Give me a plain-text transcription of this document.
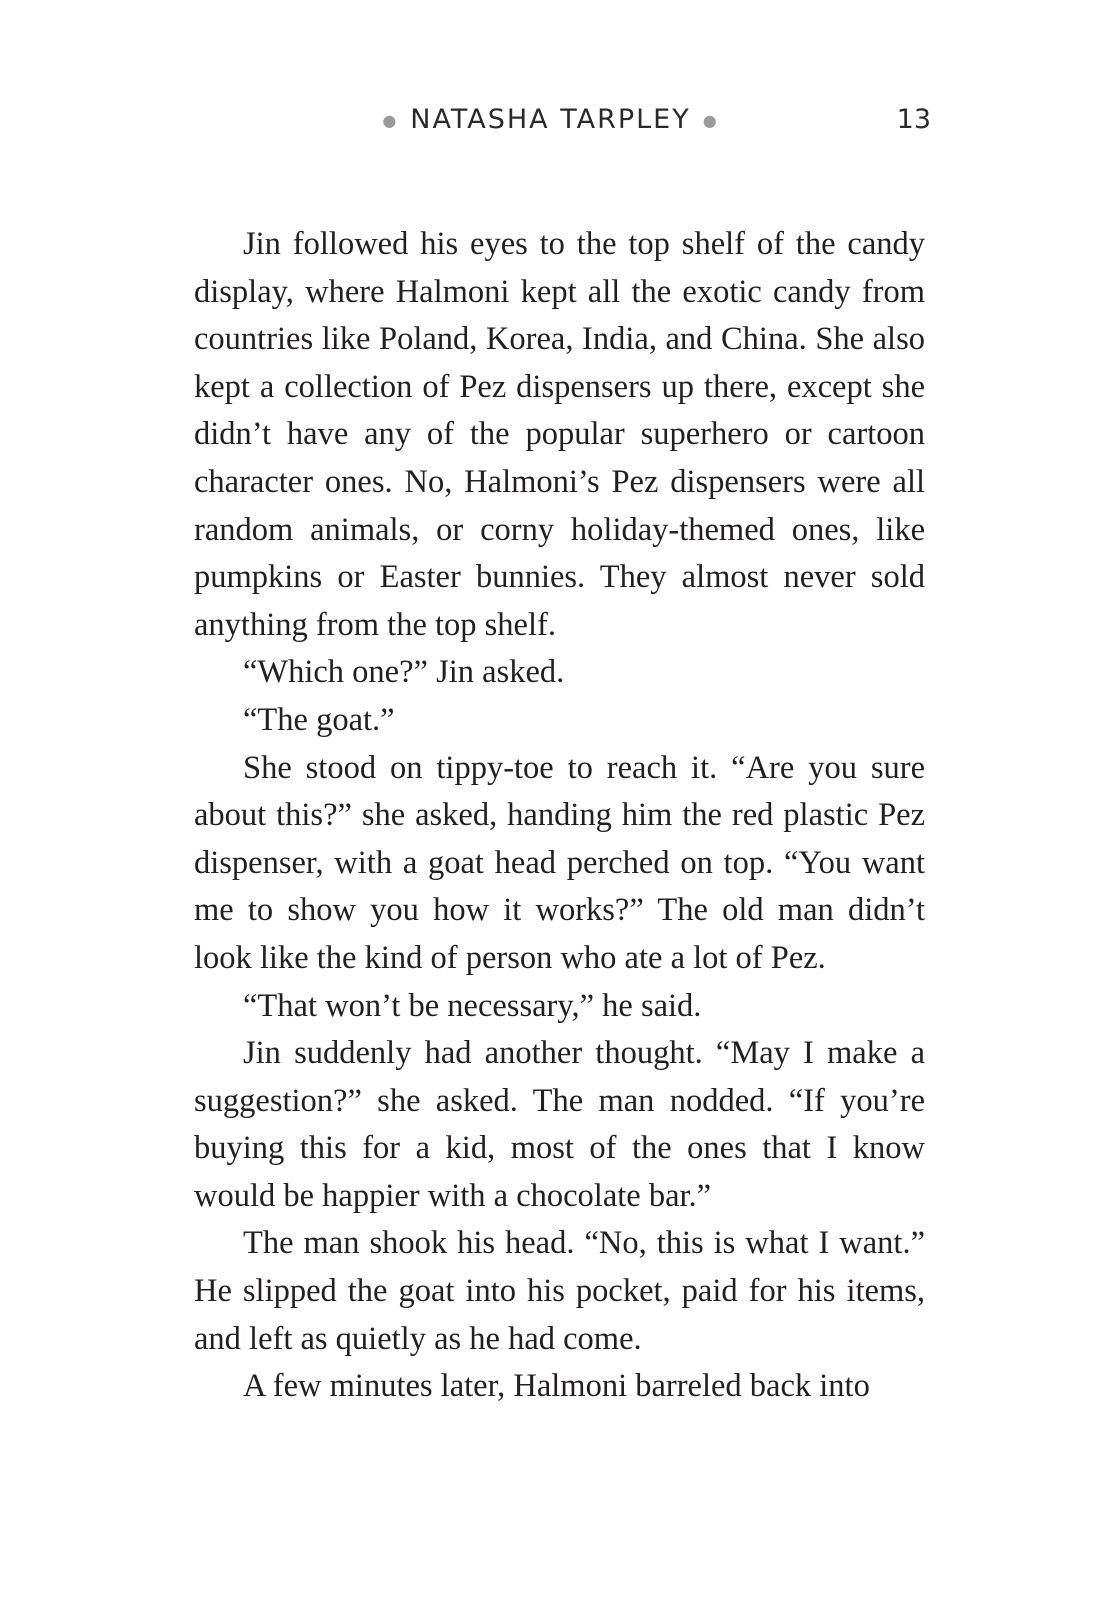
● NATASHA TARPLEY ●	13

Jin followed his eyes to the top shelf of the candy display, where Halmoni kept all the exotic candy from countries like Poland, Korea, India, and China. She also kept a collection of Pez dispensers up there, except she didn’t have any of the popular superhero or cartoon character ones. No, Halmoni’s Pez dispensers were all random animals, or corny holiday-themed ones, like pumpkins or Easter bunnies. They almost never sold anything from the top shelf.

“Which one?” Jin asked.

“The goat.”

She stood on tippy-toe to reach it. “Are you sure about this?” she asked, handing him the red plastic Pez dispenser, with a goat head perched on top. “You want me to show you how it works?” The old man didn’t look like the kind of person who ate a lot of Pez.

“That won’t be necessary,” he said.

Jin suddenly had another thought. “May I make a suggestion?” she asked. The man nodded. “If you’re buying this for a kid, most of the ones that I know would be happier with a chocolate bar.”

The man shook his head. “No, this is what I want.” He slipped the goat into his pocket, paid for his items, and left as quietly as he had come.

A few minutes later, Halmoni barreled back into
